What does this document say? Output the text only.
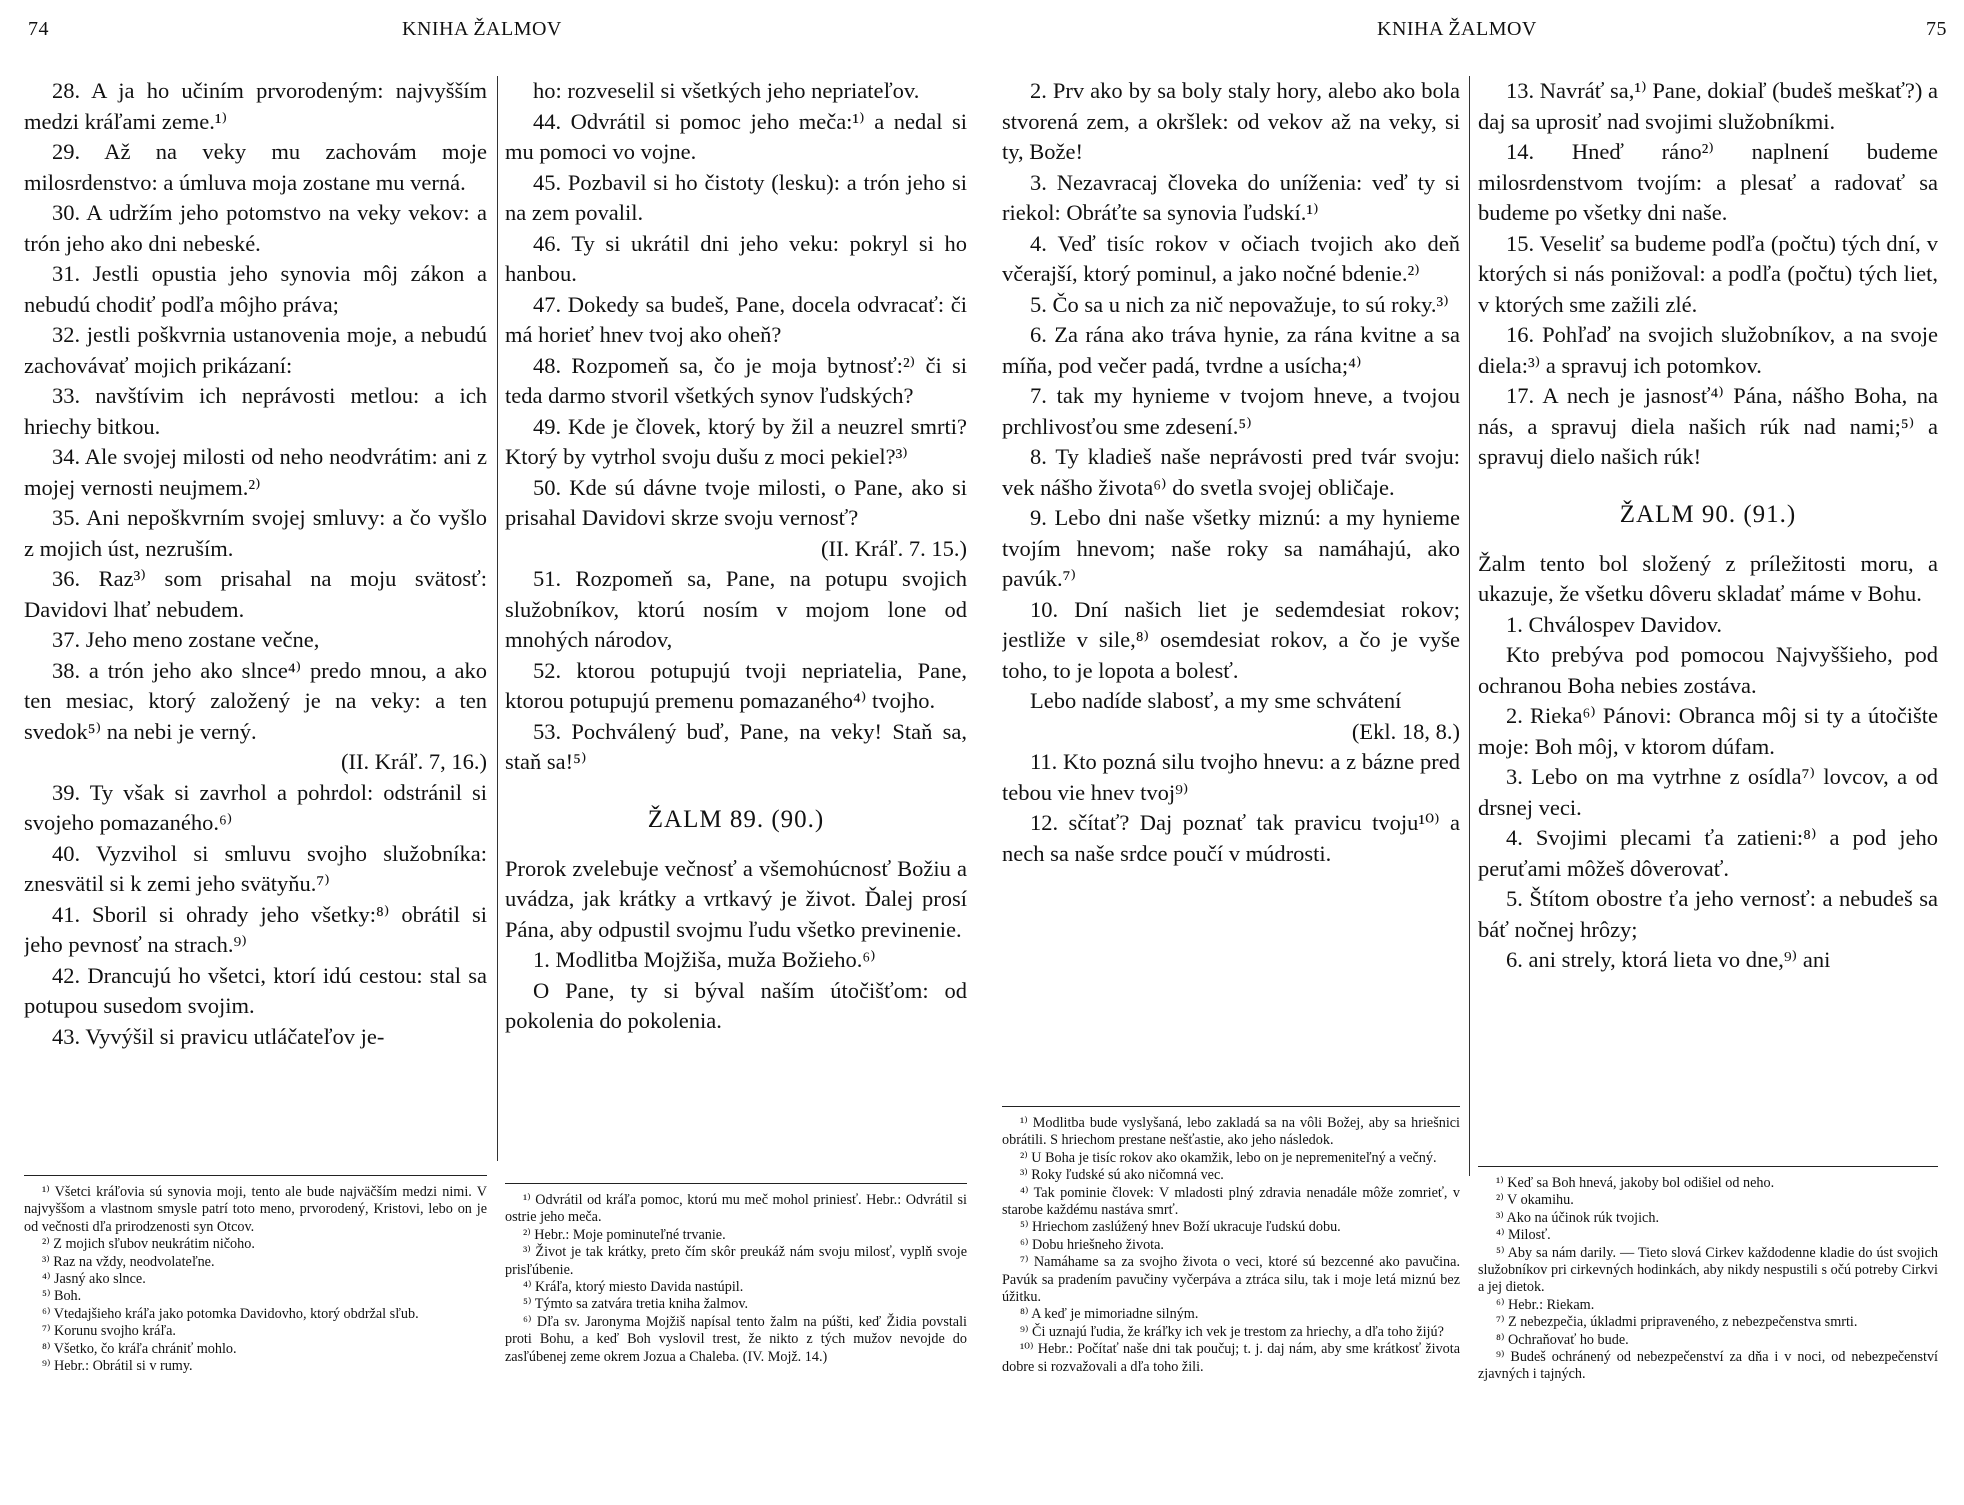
74	KNIHA ŽALMOV

28. A ja ho učiním prvorodeným: najvyšším medzi kráľami zeme.¹⁾

29. Až na veky mu zachovám moje milosrdenstvo: a úmluva moja zostane mu verná.

30. A udržím jeho potomstvo na veky vekov: a trón jeho ako dni nebeské.

31. Jestli opustia jeho synovia môj zákon a nebudú chodiť podľa môjho práva;

32. jestli poškvrnia ustanovenia moje, a nebudú zachovávať mojich prikázaní:

33. navštívim ich neprávosti metlou: a ich hriechy bitkou.

34. Ale svojej milosti od neho neodvrátim: ani z mojej vernosti neujmem.²⁾

35. Ani nepoškvrním svojej smluvy: a čo vyšlo z mojich úst, nezruším.

36. Raz³⁾ som prisahal na moju svätosť: Davidovi lhať nebudem.

37. Jeho meno zostane večne,

38. a trón jeho ako slnce⁴⁾ predo mnou, a ako ten mesiac, ktorý založený je na veky: a ten svedok⁵⁾ na nebi je verný.

(II. Kráľ. 7, 16.)

39. Ty však si zavrhol a pohrdol: odstránil si svojeho pomazaného.⁶⁾

40. Vyzvihol si smluvu svojho služobníka: znesvätil si k zemi jeho svätyňu.⁷⁾

41. Sboril si ohrady jeho všetky:⁸⁾ obrátil si jeho pevnosť na strach.⁹⁾

42. Drancujú ho všetci, ktorí idú cestou: stal sa potupou susedom svojim.

43. Vyvýšil si pravicu utláčateľov je-

¹⁾ Všetci kráľovia sú synovia moji, tento ale bude najväčším medzi nimi. V najvyššom a vlastnom smysle patrí toto meno, prvorodený, Kristovi, lebo on je od večnosti dľa prirodzenosti syn Otcov.

²⁾ Z mojich sľubov neukrátim ničoho.

³⁾ Raz na vždy, neodvolateľne.

⁴⁾ Jasný ako slnce.

⁵⁾ Boh.

⁶⁾ Vtedajšieho kráľa jako potomka Davidovho, ktorý obdržal sľub.

⁷⁾ Korunu svojho kráľa.

⁸⁾ Všetko, čo kráľa chrániť mohlo.

⁹⁾ Hebr.: Obrátil si v rumy.

ho: rozveselil si všetkých jeho nepriateľov.

44. Odvrátil si pomoc jeho meča:¹⁾ a nedal si mu pomoci vo vojne.

45. Pozbavil si ho čistoty (lesku): a trón jeho si na zem povalil.

46. Ty si ukrátil dni jeho veku: pokryl si ho hanbou.

47. Dokedy sa budeš, Pane, docela odvracať: či má horieť hnev tvoj ako oheň?

48. Rozpomeň sa, čo je moja bytnosť:²⁾ či si teda darmo stvoril všetkých synov ľudských?

49. Kde je človek, ktorý by žil a neuzrel smrti? Ktorý by vytrhol svoju dušu z moci pekiel?³⁾

50. Kde sú dávne tvoje milosti, o Pane, ako si prisahal Davidovi skrze svoju vernosť?

(II. Kráľ. 7. 15.)

51. Rozpomeň sa, Pane, na potupu svojich služobníkov, ktorú nosím v mojom lone od mnohých národov,

52. ktorou potupujú tvoji nepriatelia, Pane, ktorou potupujú premenu pomazaného⁴⁾ tvojho.

53. Pochválený buď, Pane, na veky! Staň sa, staň sa!⁵⁾

ŽALM 89. (90.)

Prorok zvelebuje večnosť a všemohúcnosť Božiu a uvádza, jak krátky a vrtkavý je život. Ďalej prosí Pána, aby odpustil svojmu ľudu všetko previnenie.

1. Modlitba Mojžiša, muža Božieho.⁶⁾

O Pane, ty si býval naším útočišťom: od pokolenia do pokolenia.

¹⁾ Odvrátil od kráľa pomoc, ktorú mu meč mohol priniesť. Hebr.: Odvrátil si ostrie jeho meča.

²⁾ Hebr.: Moje pominuteľné trvanie.

³⁾ Život je tak krátky, preto čím skôr preukáž nám svoju milosť, vyplň svoje prisľúbenie.

⁴⁾ Kráľa, ktorý miesto Davida nastúpil.

⁵⁾ Týmto sa zatvára tretia kniha žalmov.

⁶⁾ Dľa sv. Jaronyma Mojžiš napísal tento žalm na púšti, keď Židia povstali proti Bohu, a keď Boh vyslovil trest, že nikto z tých mužov nevojde do zasľúbenej zeme okrem Jozua a Chaleba. (IV. Mojž. 14.)

KNIHA ŽALMOV	75

2. Prv ako by sa boly staly hory, alebo ako bola stvorená zem, a okršlek: od vekov až na veky, si ty, Bože!

3. Nezavracaj človeka do uníženia: veď ty si riekol: Obráťte sa synovia ľudskí.¹⁾

4. Veď tisíc rokov v očiach tvojich ako deň včerajší, ktorý pominul, a jako nočné bdenie.²⁾

5. Čo sa u nich za nič nepovažuje, to sú roky.³⁾

6. Za rána ako tráva hynie, za rána kvitne a sa míňa, pod večer padá, tvrdne a usícha;⁴⁾

7. tak my hynieme v tvojom hneve, a tvojou prchlivosťou sme zdesení.⁵⁾

8. Ty kladieš naše neprávosti pred tvár svoju: vek nášho života⁶⁾ do svetla svojej obličaje.

9. Lebo dni naše všetky miznú: a my hynieme tvojím hnevom; naše roky sa namáhajú, ako pavúk.⁷⁾

10. Dní našich liet je sedemdesiat rokov; jestliže v sile,⁸⁾ osemdesiat rokov, a čo je vyše toho, to je lopota a bolesť.

Lebo nadíde slabosť, a my sme schvátení

(Ekl. 18, 8.)

11. Kto pozná silu tvojho hnevu: a z bázne pred tebou vie hnev tvoj⁹⁾

12. sčítať? Daj poznať tak pravicu tvoju¹⁰⁾ a nech sa naše srdce poučí v múdrosti.

¹⁾ Modlitba bude vyslyšaná, lebo zakladá sa na vôli Božej, aby sa hriešnici obrátili. S hriechom prestane nešťastie, ako jeho následok.

²⁾ U Boha je tisíc rokov ako okamžik, lebo on je nepremeniteľný a večný.

³⁾ Roky ľudské sú ako ničomná vec.

⁴⁾ Tak pominie človek: V mladosti plný zdravia nenadále môže zomrieť, v starobe každému nastáva smrť.

⁵⁾ Hriechom zaslúžený hnev Boží ukracuje ľudskú dobu.

⁶⁾ Dobu hriešneho života.

⁷⁾ Namáhame sa za svojho života o veci, ktoré sú bezcenné ako pavučina. Pavúk sa pradením pavučiny vyčerpáva a ztráca silu, tak i moje letá miznú bez úžitku.

⁸⁾ A keď je mimoriadne silným.

⁹⁾ Či uznajú ľudia, že kráľky ich vek je trestom za hriechy, a dľa toho žijú?

¹⁰⁾ Hebr.: Počítať naše dni tak poučuj; t. j. daj nám, aby sme krátkosť života dobre si rozvažovali a dľa toho žili.

13. Navráť sa,¹⁾ Pane, dokiaľ (budeš meškať?) a daj sa uprosiť nad svojimi služobníkmi.

14. Hneď ráno²⁾ naplnení budeme milosrdenstvom tvojím: a plesať a radovať sa budeme po všetky dni naše.

15. Veseliť sa budeme podľa (počtu) tých dní, v ktorých si nás ponižoval: a podľa (počtu) tých liet, v ktorých sme zažili zlé.

16. Pohľaď na svojich služobníkov, a na svoje diela:³⁾ a spravuj ich potomkov.

17. A nech je jasnosť⁴⁾ Pána, nášho Boha, na nás, a spravuj diela našich rúk nad nami;⁵⁾ a spravuj dielo našich rúk!

ŽALM 90. (91.)

Žalm tento bol složený z príležitosti moru, a ukazuje, že všetku dôveru skladať máme v Bohu.

1. Chválospev Davidov.

Kto prebýva pod pomocou Najvyššieho, pod ochranou Boha nebies zostáva.

2. Rieka⁶⁾ Pánovi: Obranca môj si ty a útočište moje: Boh môj, v ktorom dúfam.

3. Lebo on ma vytrhne z osídla⁷⁾ lovcov, a od drsnej veci.

4. Svojimi plecami ťa zatieni:⁸⁾ a pod jeho peruťami môžeš dôverovať.

5. Štítom obostre ťa jeho vernosť: a nebudeš sa báť nočnej hrôzy;

6. ani strely, ktorá lieta vo dne,⁹⁾ ani

¹⁾ Keď sa Boh hnevá, jakoby bol odišiel od neho.

²⁾ V okamihu.

³⁾ Ako na účinok rúk tvojich.

⁴⁾ Milosť.

⁵⁾ Aby sa nám darily. — Tieto slová Cirkev každodenne kladie do úst svojich služobníkov pri cirkevných hodinkách, aby nikdy nespustili s očú potreby Cirkvi a jej dietok.

⁶⁾ Hebr.: Riekam.

⁷⁾ Z nebezpečia, úkladmi pripraveného, z nebezpečenstva smrti.

⁸⁾ Ochraňovať ho bude.

⁹⁾ Budeš ochránený od nebezpečenství za dňa i v noci, od nebezpečenství zjavných i tajných.
